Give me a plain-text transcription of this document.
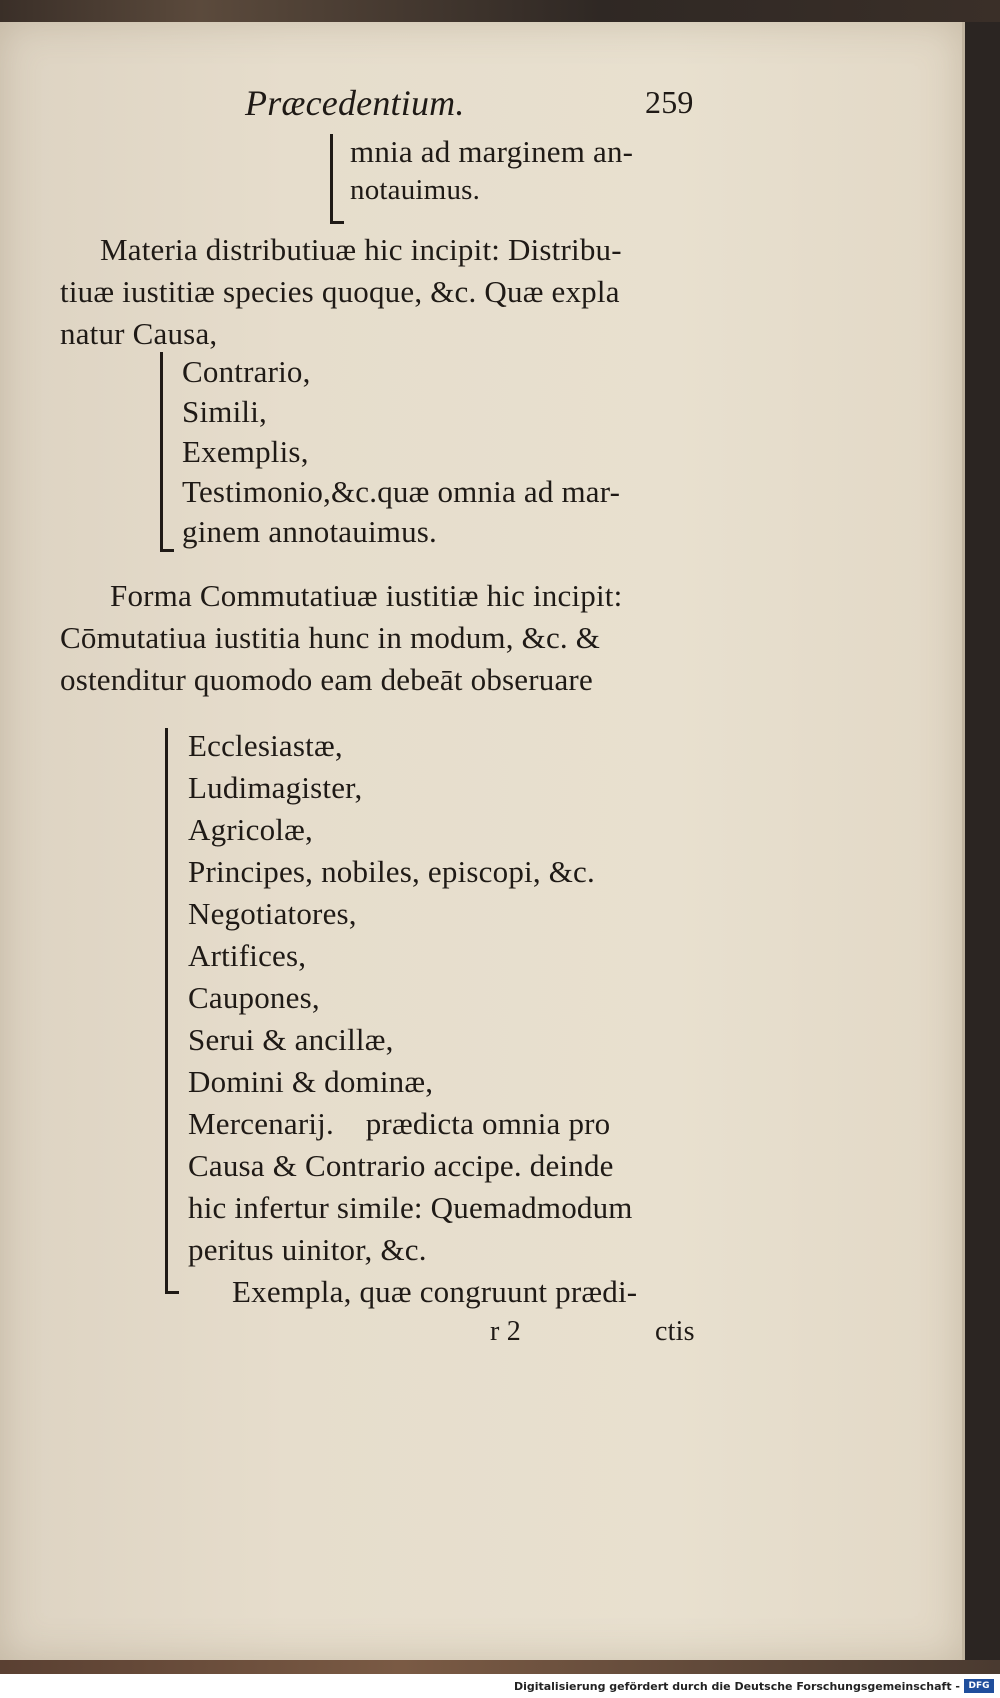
Præcedentium.	259
mnia ad marginem an-
notauimus.
Materia distributiuæ hic incipit: Distribu-
tiuæ iustitiæ species quoque, &c. Quæ expla
natur Causa,
Contrario,
Simili,
Exemplis,
Testimonio,&c.quæ omnia ad mar-
ginem annotauimus.
Forma Commutatiuæ iustitiæ hic incipit:
Cōmutatiua iustitia hunc in modum, &c. &
ostenditur quomodo eam debeāt obseruare
Ecclesiastæ,
Ludimagister,
Agricolæ,
Principes, nobiles, episcopi, &c.
Negotiatores,
Artifices,
Caupones,
Serui & ancillæ,
Domini & dominæ,
Mercenarij.    prædicta omnia pro
Causa & Contrario accipe. deinde
hic infertur simile: Quemadmodum
peritus uinitor, &c.
Exempla, quæ congruunt prædi-
r 2	ctis
Digitalisierung gefördert durch die Deutsche Forschungsgemeinschaft - DFG
